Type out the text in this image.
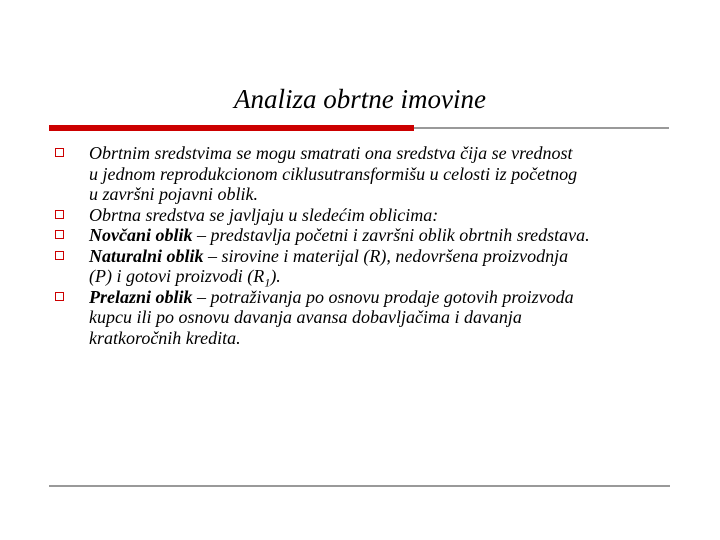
Analiza obrtne imovine
Obrtnim sredstvima se mogu smatrati ona sredstva čija se vrednost
u jednom reprodukcionom ciklusutransformišu u celosti iz početnog
u završni pojavni oblik.
Obrtna sredstva se javljaju u sledećim oblicima:
Novčani oblik – predstavlja početni i završni oblik obrtnih sredstava.
Naturalni oblik – sirovine i materijal (R), nedovršena proizvodnja
(P) i gotovi proizvodi $(R_1)$.
Prelazni oblik – potraživanja po osnovu prodaje gotovih proizvoda
kupcu ili po osnovu davanja avansa dobavljačima i davanja
kratkoročnih kredita.
